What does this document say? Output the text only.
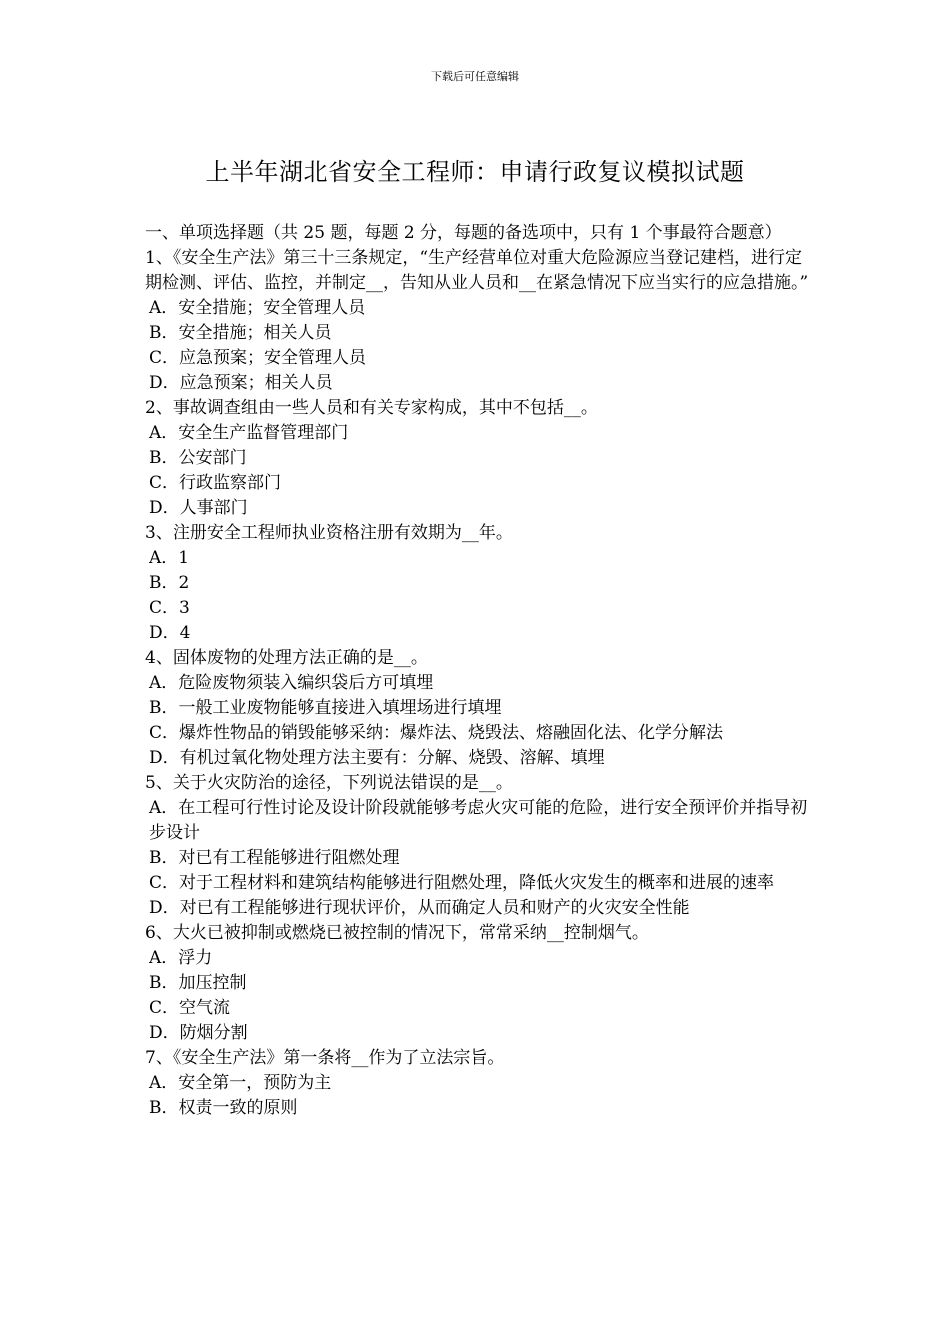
下载后可任意编辑
上半年湖北省安全工程师：申请行政复议模拟试题
一、单项选择题（共 25 题，每题 2 分，每题的备选项中，只有 1 个事最符合题意）
1、《安全生产法》第三十三条规定，“生产经营单位对重大危险源应当登记建档，进行定期检测、评估、监控，并制定__，告知从业人员和__在紧急情况下应当实行的应急措施。”
A．安全措施；安全管理人员
B．安全措施；相关人员
C．应急预案；安全管理人员
D．应急预案；相关人员
2、事故调查组由一些人员和有关专家构成，其中不包括__。
A．安全生产监督管理部门
B．公安部门
C．行政监察部门
D．人事部门
3、注册安全工程师执业资格注册有效期为__年。
A．1
B．2
C．3
D．4
4、固体废物的处理方法正确的是__。
A．危险废物须装入编织袋后方可填埋
B．一般工业废物能够直接进入填埋场进行填埋
C．爆炸性物品的销毁能够采纳：爆炸法、烧毁法、熔融固化法、化学分解法
D．有机过氧化物处理方法主要有：分解、烧毁、溶解、填埋
5、关于火灾防治的途径，下列说法错误的是__。
A．在工程可行性讨论及设计阶段就能够考虑火灾可能的危险，进行安全预评价并指导初步设计
B．对已有工程能够进行阻燃处理
C．对于工程材料和建筑结构能够进行阻燃处理，降低火灾发生的概率和进展的速率
D．对已有工程能够进行现状评价，从而确定人员和财产的火灾安全性能
6、大火已被抑制或燃烧已被控制的情况下，常常采纳__控制烟气。
A．浮力
B．加压控制
C．空气流
D．防烟分割
7、《安全生产法》第一条将__作为了立法宗旨。
A．安全第一，预防为主
B．权责一致的原则
